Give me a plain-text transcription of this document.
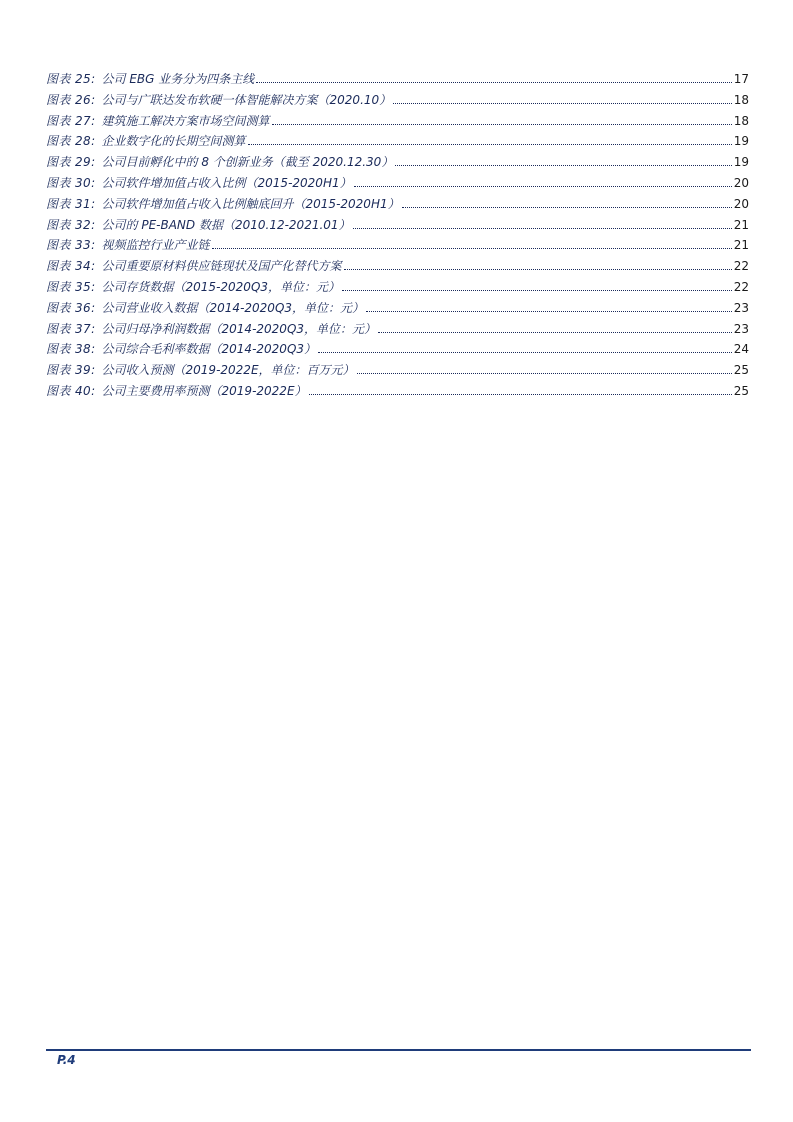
图表 25: 公司 EBG 业务分为四条主线	17
图表 26: 公司与广联达发布软硬一体智能解决方案（2020.10）	18
图表 27: 建筑施工解决方案市场空间测算	18
图表 28: 企业数字化的长期空间测算	19
图表 29: 公司目前孵化中的 8 个创新业务（截至 2020.12.30）	19
图表 30: 公司软件增加值占收入比例（2015-2020H1）	20
图表 31: 公司软件增加值占收入比例触底回升（2015-2020H1）	20
图表 32: 公司的 PE-BAND 数据（2010.12-2021.01）	21
图表 33: 视频监控行业产业链	21
图表 34: 公司重要原材料供应链现状及国产化替代方案	22
图表 35: 公司存货数据（2015-2020Q3，单位：元）	22
图表 36: 公司营业收入数据（2014-2020Q3，单位：元）	23
图表 37: 公司归母净利润数据（2014-2020Q3，单位：元）	23
图表 38: 公司综合毛利率数据（2014-2020Q3）	24
图表 39: 公司收入预测（2019-2022E，单位：百万元）	25
图表 40: 公司主要费用率预测（2019-2022E）	25
P.4
